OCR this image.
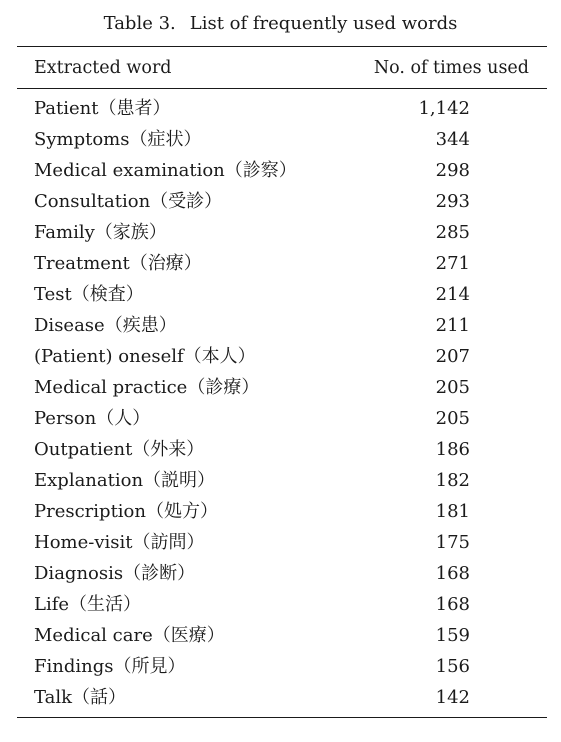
Table 3. List of frequently used words
Extracted word	No. of times used
Patient（患者）	1,142
Symptoms（症状）	344
Medical examination（診察）	298
Consultation（受診）	293
Family（家族）	285
Treatment（治療）	271
Test（検査）	214
Disease（疾患）	211
(Patient) oneself（本人）	207
Medical practice（診療）	205
Person（人）	205
Outpatient（外来）	186
Explanation（説明）	182
Prescription（処方）	181
Home-visit（訪問）	175
Diagnosis（診断）	168
Life（生活）	168
Medical care（医療）	159
Findings（所見）	156
Talk（話）	142
